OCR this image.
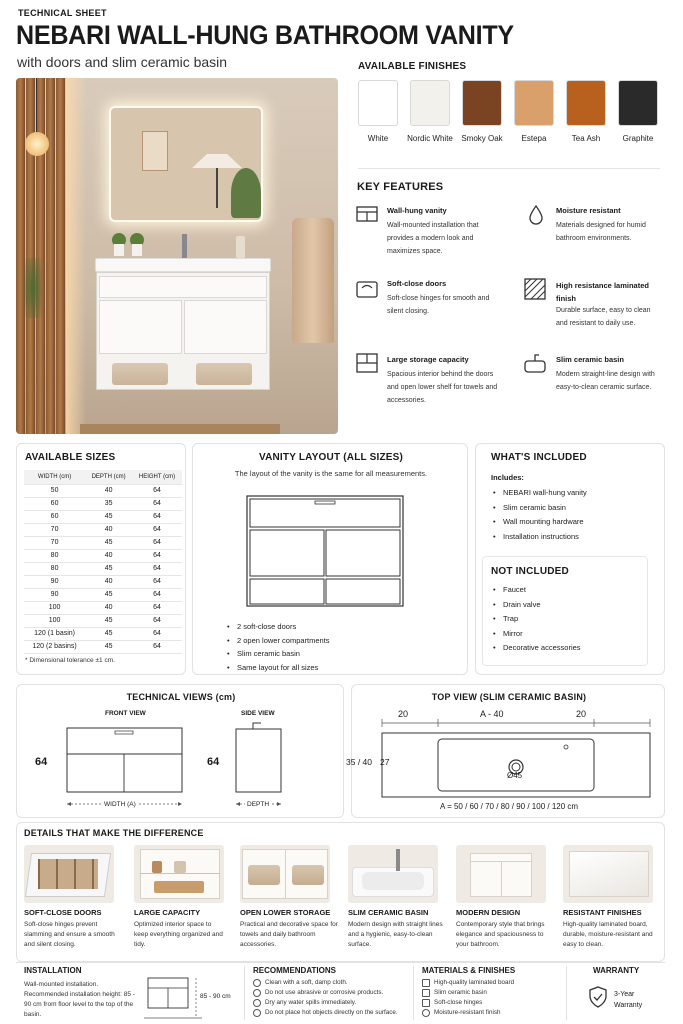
TECHNICAL SHEET
NEBARI WALL-HUNG BATHROOM VANITY
with doors and slim ceramic basin	AVAILABLE FINISHES
White	Nordic White	Smoky Oak	Estepa	Tea Ash	Graphite
KEY FEATURES
Wall-hung vanity
Wall-mounted installation that provides a modern look and maximizes space.
Moisture resistant
Materials designed for humid bathroom environments.
Soft-close doors
Soft-close hinges for smooth and silent closing.
High resistance laminated finish
Durable surface, easy to clean and resistant to daily use.
Large storage capacity
Spacious interior behind the doors and open lower shelf for towels and accessories.
Slim ceramic basin
Modern straight-line design with easy-to-clean ceramic surface.
AVAILABLE SIZES
WIDTH (cm)	DEPTH (cm)	HEIGHT (cm)
50	40	64
60	35	64
60	45	64
70	40	64
70	45	64
80	40	64
80	45	64
90	40	64
90	45	64
100	40	64
100	45	64
120 (1 basin)	45	64
120 (2 basins)	45	64
* Dimensional tolerance ±1 cm.
VANITY LAYOUT (ALL SIZES)
The layout of the vanity is the same for all measurements.
• 2 soft-close doors
• 2 open lower compartments
• Slim ceramic basin
• Same layout for all sizes
WHAT'S INCLUDED
Includes:
• NEBARI wall-hung vanity
• Slim ceramic basin
• Wall mounting hardware
• Installation instructions
NOT INCLUDED
• Faucet
• Drain valve
• Trap
• Mirror
• Decorative accessories
TECHNICAL VIEWS (cm)
FRONT VIEW	SIDE VIEW
64
WIDTH (A)
64
DEPTH
TOP VIEW (SLIM CERAMIC BASIN)
20	A - 40	20
35 / 40 27
Ø45
A = 50 / 60 / 70 / 80 / 90 / 100 / 120 cm
DETAILS THAT MAKE THE DIFFERENCE
SOFT-CLOSE DOORS
Soft-close hinges prevent slamming and ensure a smooth and silent closing.
LARGE CAPACITY
Optimized interior space to keep everything organized and tidy.
OPEN LOWER STORAGE
Practical and decorative space for towels and daily bathroom accessories.
SLIM CERAMIC BASIN
Modern design with straight lines and a hygienic, easy-to-clean surface.
MODERN DESIGN
Contemporary style that brings elegance and spaciousness to your bathroom.
RESISTANT FINISHES
High-quality laminated board, durable, moisture-resistant and easy to clean.
INSTALLATION
Wall-mounted installation. Recommended installation height: 85 - 90 cm from floor level to the top of the basin.
85 - 90 cm
RECOMMENDATIONS
Clean with a soft, damp cloth.
Do not use abrasive or corrosive products.
Dry any water spills immediately.
Do not place hot objects directly on the surface.
MATERIALS & FINISHES
High-quality laminated board
Slim ceramic basin
Soft-close hinges
Moisture-resistant finish
WARRANTY
3-Year Warranty
